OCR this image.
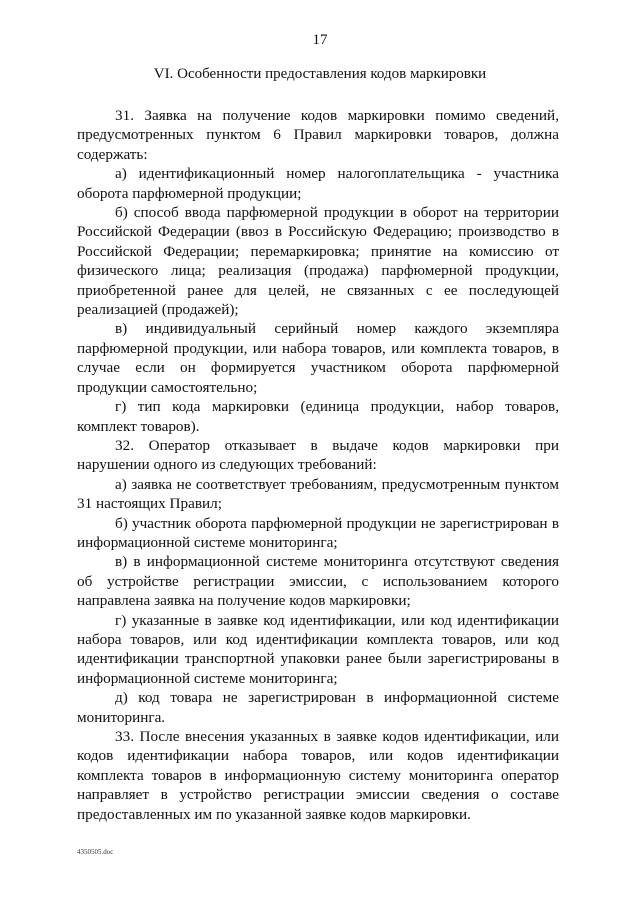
17
VI. Особенности предоставления кодов маркировки

31. Заявка на получение кодов маркировки помимо сведений, предусмотренных пунктом 6 Правил маркировки товаров, должна содержать:

а) идентификационный номер налогоплательщика - участника оборота парфюмерной продукции;

б) способ ввода парфюмерной продукции в оборот на территории Российской Федерации (ввоз в Российскую Федерацию; производство в Российской Федерации; перемаркировка; принятие на комиссию от физического лица; реализация (продажа) парфюмерной продукции, приобретенной ранее для целей, не связанных с ее последующей реализацией (продажей);

в) индивидуальный серийный номер каждого экземпляра парфюмерной продукции, или набора товаров, или комплекта товаров, в случае если он формируется участником оборота парфюмерной продукции самостоятельно;

г) тип кода маркировки (единица продукции, набор товаров, комплект товаров).

32. Оператор отказывает в выдаче кодов маркировки при нарушении одного из следующих требований:

а) заявка не соответствует требованиям, предусмотренным пунктом 31 настоящих Правил;

б) участник оборота парфюмерной продукции не зарегистрирован в информационной системе мониторинга;

в) в информационной системе мониторинга отсутствуют сведения об устройстве регистрации эмиссии, с использованием которого направлена заявка на получение кодов маркировки;

г) указанные в заявке код идентификации, или код идентификации набора товаров, или код идентификации комплекта товаров, или код идентификации транспортной упаковки ранее были зарегистрированы в информационной системе мониторинга;

д) код товара не зарегистрирован в информационной системе мониторинга.

33. После внесения указанных в заявке кодов идентификации, или кодов идентификации набора товаров, или кодов идентификации комплекта товаров в информационную систему мониторинга оператор направляет в устройство регистрации эмиссии сведения о составе предоставленных им по указанной заявке кодов маркировки.

4350505.doc
